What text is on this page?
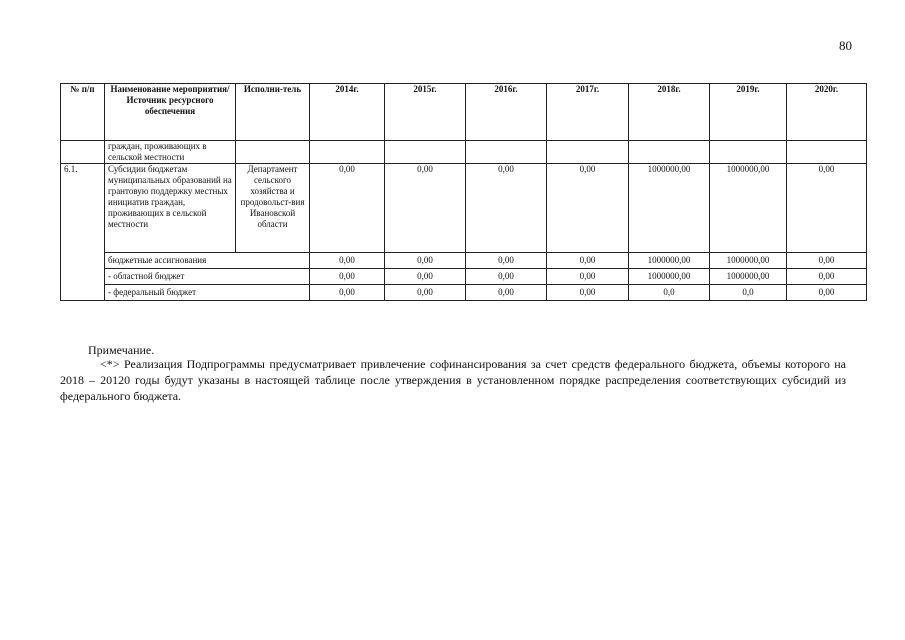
80
№ п/п	Наименование мероприятия/ Источник ресурсного обеспечения	Исполни-тель	2014г.	2015г.	2016г.	2017г.	2018г.	2019г.	2020г.
	граждан, проживающих в сельской местности								
6.1.	Субсидии бюджетам муниципальных образований на грантовую поддержку местных инициатив граждан, проживающих в сельской местности	Департамент сельского хозяйства и продовольст-вия Ивановской области	0,00	0,00	0,00	0,00	1000000,00	1000000,00	0,00
	бюджетные ассигнования		0,00	0,00	0,00	0,00	1000000,00	1000000,00	0,00
	- областной бюджет		0,00	0,00	0,00	0,00	1000000,00	1000000,00	0,00
	- федеральный бюджет		0,00	0,00	0,00	0,00	0,0	0,0	0,00
Примечание.
<*> Реализация Подпрограммы предусматривает привлечение софинансирования за счет средств федерального бюджета, объемы которого на 2018 – 20120 годы будут указаны в настоящей таблице после утверждения в установленном порядке распределения соответствующих субсидий из федерального бюджета.
